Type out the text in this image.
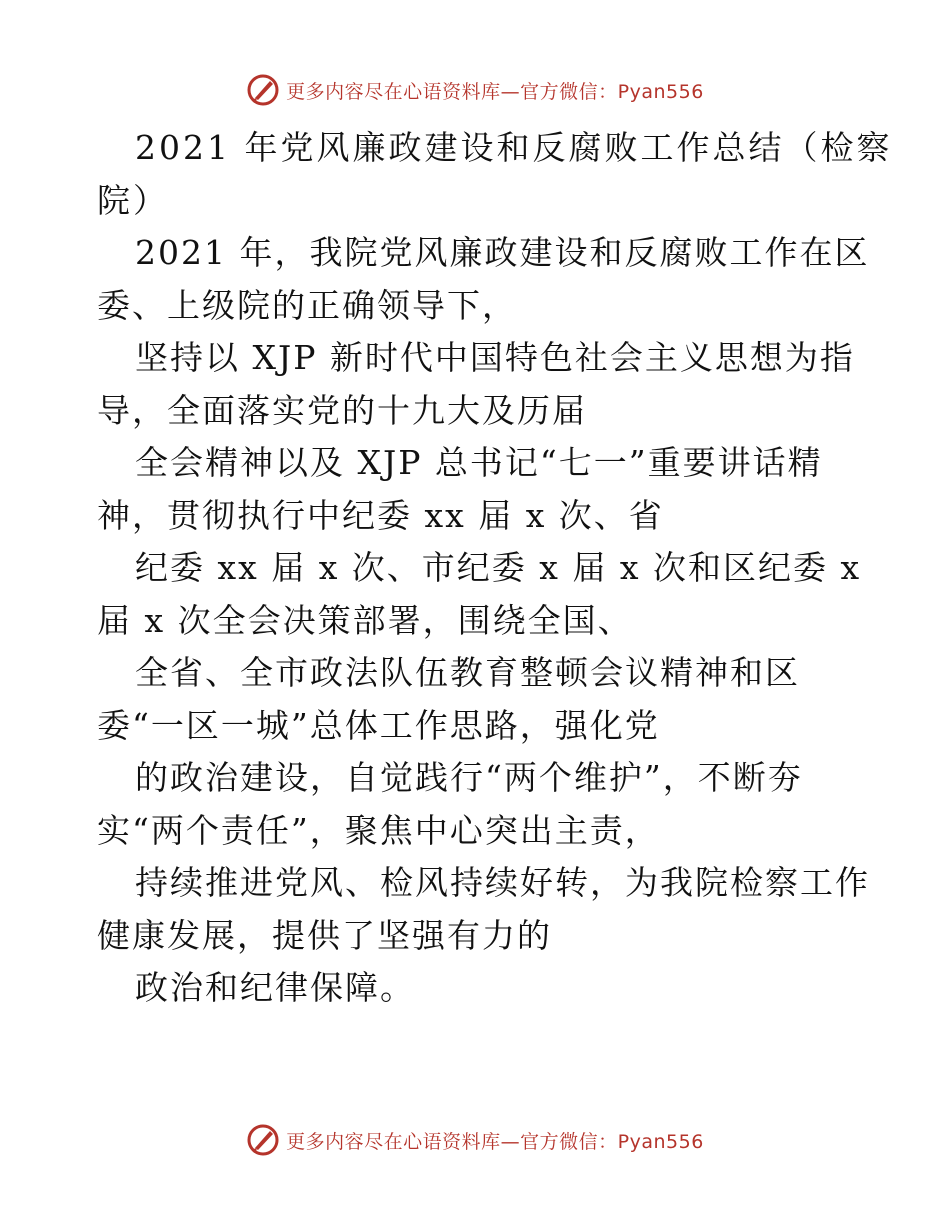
更多内容尽在心语资料库—官方微信：Pyan556
2021 年党风廉政建设和反腐败工作总结（检察
院）
2021 年，我院党风廉政建设和反腐败工作在区
委、上级院的正确领导下，
坚持以 XJP 新时代中国特色社会主义思想为指
导，全面落实党的十九大及历届
全会精神以及 XJP 总书记“七一”重要讲话精
神，贯彻执行中纪委 xx 届 x 次、省
纪委 xx 届 x 次、市纪委 x 届 x 次和区纪委 x
届 x 次全会决策部署，围绕全国、
全省、全市政法队伍教育整顿会议精神和区
委“一区一城”总体工作思路，强化党
的政治建设，自觉践行“两个维护”，不断夯
实“两个责任”，聚焦中心突出主责，
持续推进党风、检风持续好转，为我院检察工作
健康发展，提供了坚强有力的
政治和纪律保障。
更多内容尽在心语资料库—官方微信：Pyan556
